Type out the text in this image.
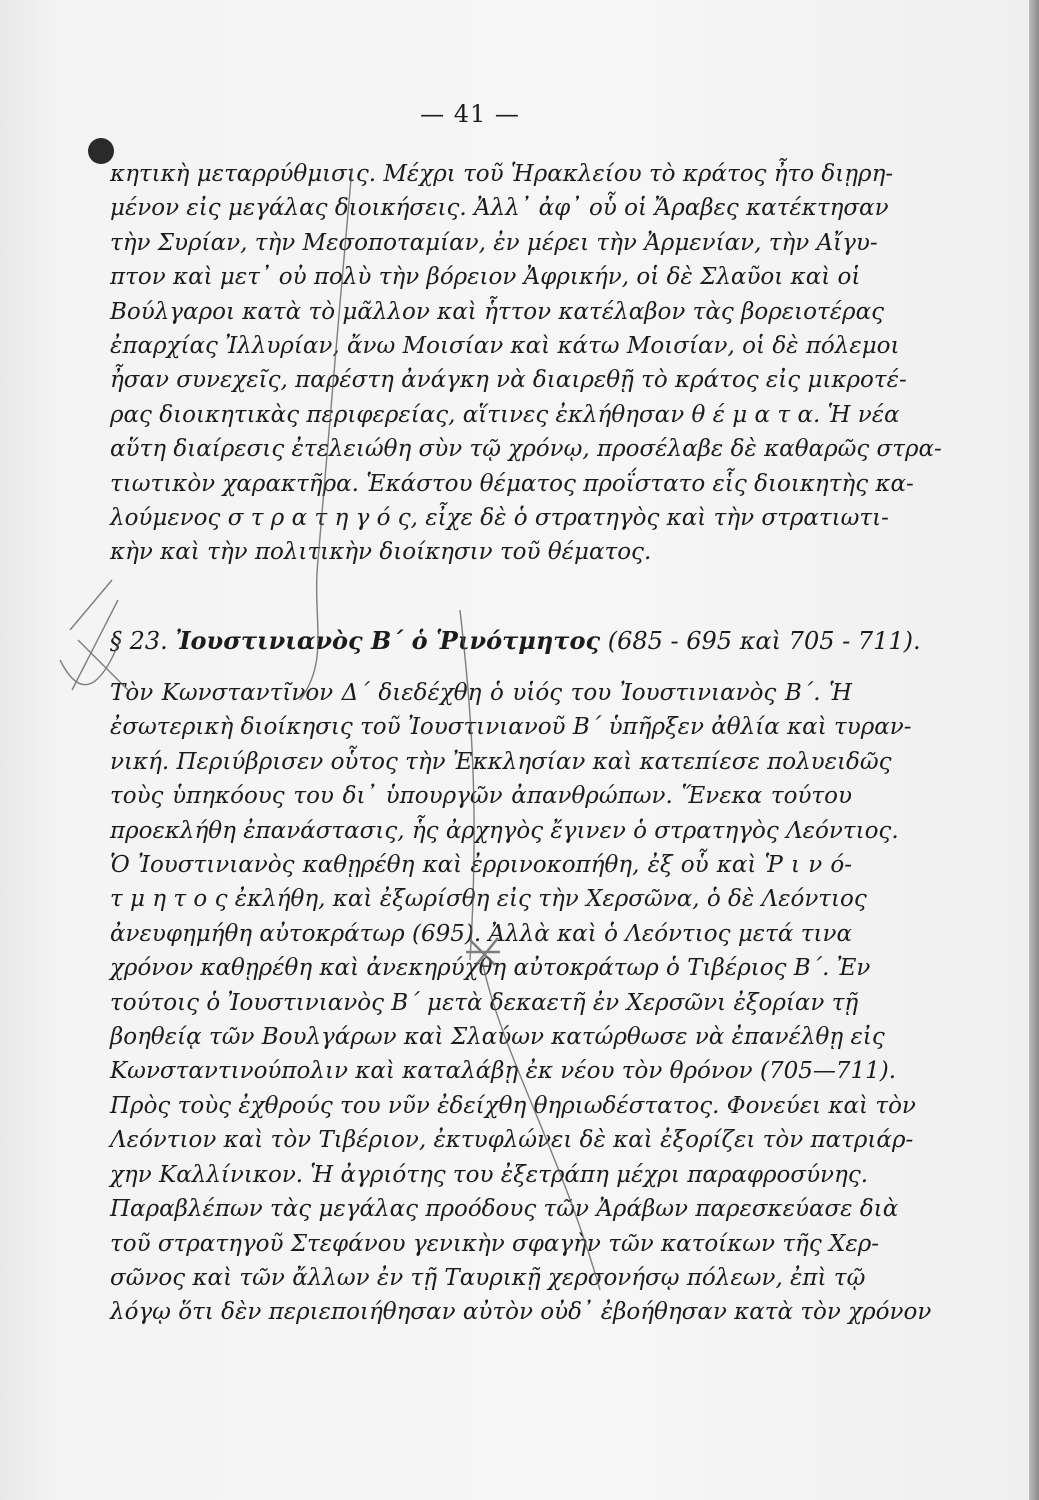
— 41 —
κητικὴ μεταρρύθμισις. Μέχρι τοῦ Ἡρακλείου τὸ κράτος ἦτο διῃρη-
μένον εἰς μεγάλας διοικήσεις. Ἀλλ᾽ ἀφ᾽ οὗ οἱ Ἄραβες κατέκτησαν
τὴν Συρίαν, τὴν Μεσοποταμίαν, ἐν μέρει τὴν Ἀρμενίαν, τὴν Αἴγυ-
πτον καὶ μετ᾽ οὐ πολὺ τὴν βόρειον Ἀφρικήν, οἱ δὲ Σλαῦοι καὶ οἱ
Βούλγαροι κατὰ τὸ μᾶλλον καὶ ἧττον κατέλαβον τὰς βορειοτέρας
ἐπαρχίας Ἰλλυρίαν, ἄνω Μοισίαν καὶ κάτω Μοισίαν, οἱ δὲ πόλεμοι
ἦσαν συνεχεῖς, παρέστη ἀνάγκη νὰ διαιρεθῇ τὸ κράτος εἰς μικροτέ-
ρας διοικητικὰς περιφερείας, αἵτινες ἐκλήθησαν θ έ μ α τ α. Ἡ νέα
αὕτη διαίρεσις ἐτελειώθη σὺν τῷ χρόνῳ, προσέλαβε δὲ καθαρῶς στρα-
τιωτικὸν χαρακτῆρα. Ἑκάστου θέματος προΐστατο εἷς διοικητὴς κα-
λούμενος σ τ ρ α τ η γ ό ς, εἶχε δὲ ὁ στρατηγὸς καὶ τὴν στρατιωτι-
κὴν καὶ τὴν πολιτικὴν διοίκησιν τοῦ θέματος.
§ 23. Ἰουστινιανὸς Β´ ὁ Ῥινότμητος (685 - 695 καὶ 705 - 711).
Τὸν Κωνσταντῖνον Δ´ διεδέχθη ὁ υἱός του Ἰουστινιανὸς Β´. Ἡ
ἐσωτερικὴ διοίκησις τοῦ Ἰουστινιανοῦ Β´ ὑπῆρξεν ἀθλία καὶ τυραν-
νική. Περιύβρισεν οὗτος τὴν Ἐκκλησίαν καὶ κατεπίεσε πολυειδῶς
τοὺς ὑπηκόους του δι᾽ ὑπουργῶν ἀπανθρώπων. Ἕνεκα τούτου
προεκλήθη ἐπανάστασις, ἧς ἀρχηγὸς ἔγινεν ὁ στρατηγὸς Λεόντιος.
Ὁ Ἰουστινιανὸς καθῃρέθη καὶ ἐρρινοκοπήθη, ἐξ οὗ καὶ Ῥ ι ν ό-
τ μ η τ ο ς ἐκλήθη, καὶ ἐξωρίσθη εἰς τὴν Χερσῶνα, ὁ δὲ Λεόντιος
ἀνευφημήθη αὐτοκράτωρ (695). Ἀλλὰ καὶ ὁ Λεόντιος μετά τινα
χρόνον καθῃρέθη καὶ ἀνεκηρύχθη αὐτοκράτωρ ὁ Τιβέριος Β´. Ἐν
τούτοις ὁ Ἰουστινιανὸς Β´ μετὰ δεκαετῆ ἐν Χερσῶνι ἐξορίαν τῇ
βοηθείᾳ τῶν Βουλγάρων καὶ Σλαύων κατώρθωσε νὰ ἐπανέλθῃ εἰς
Κωνσταντινούπολιν καὶ καταλάβῃ ἐκ νέου τὸν θρόνον (705—711).
Πρὸς τοὺς ἐχθρούς του νῦν ἐδείχθη θηριωδέστατος. Φονεύει καὶ τὸν
Λεόντιον καὶ τὸν Τιβέριον, ἐκτυφλώνει δὲ καὶ ἐξορίζει τὸν πατριάρ-
χην Καλλίνικον. Ἡ ἀγριότης του ἐξετράπη μέχρι παραφροσύνης.
Παραβλέπων τὰς μεγάλας προόδους τῶν Ἀράβων παρεσκεύασε διὰ
τοῦ στρατηγοῦ Στεφάνου γενικὴν σφαγὴν τῶν κατοίκων τῆς Χερ-
σῶνος καὶ τῶν ἄλλων ἐν τῇ Ταυρικῇ χερσονήσῳ πόλεων, ἐπὶ τῷ
λόγῳ ὅτι δὲν περιεποιήθησαν αὐτὸν οὐδ᾽ ἐβοήθησαν κατὰ τὸν χρόνον
